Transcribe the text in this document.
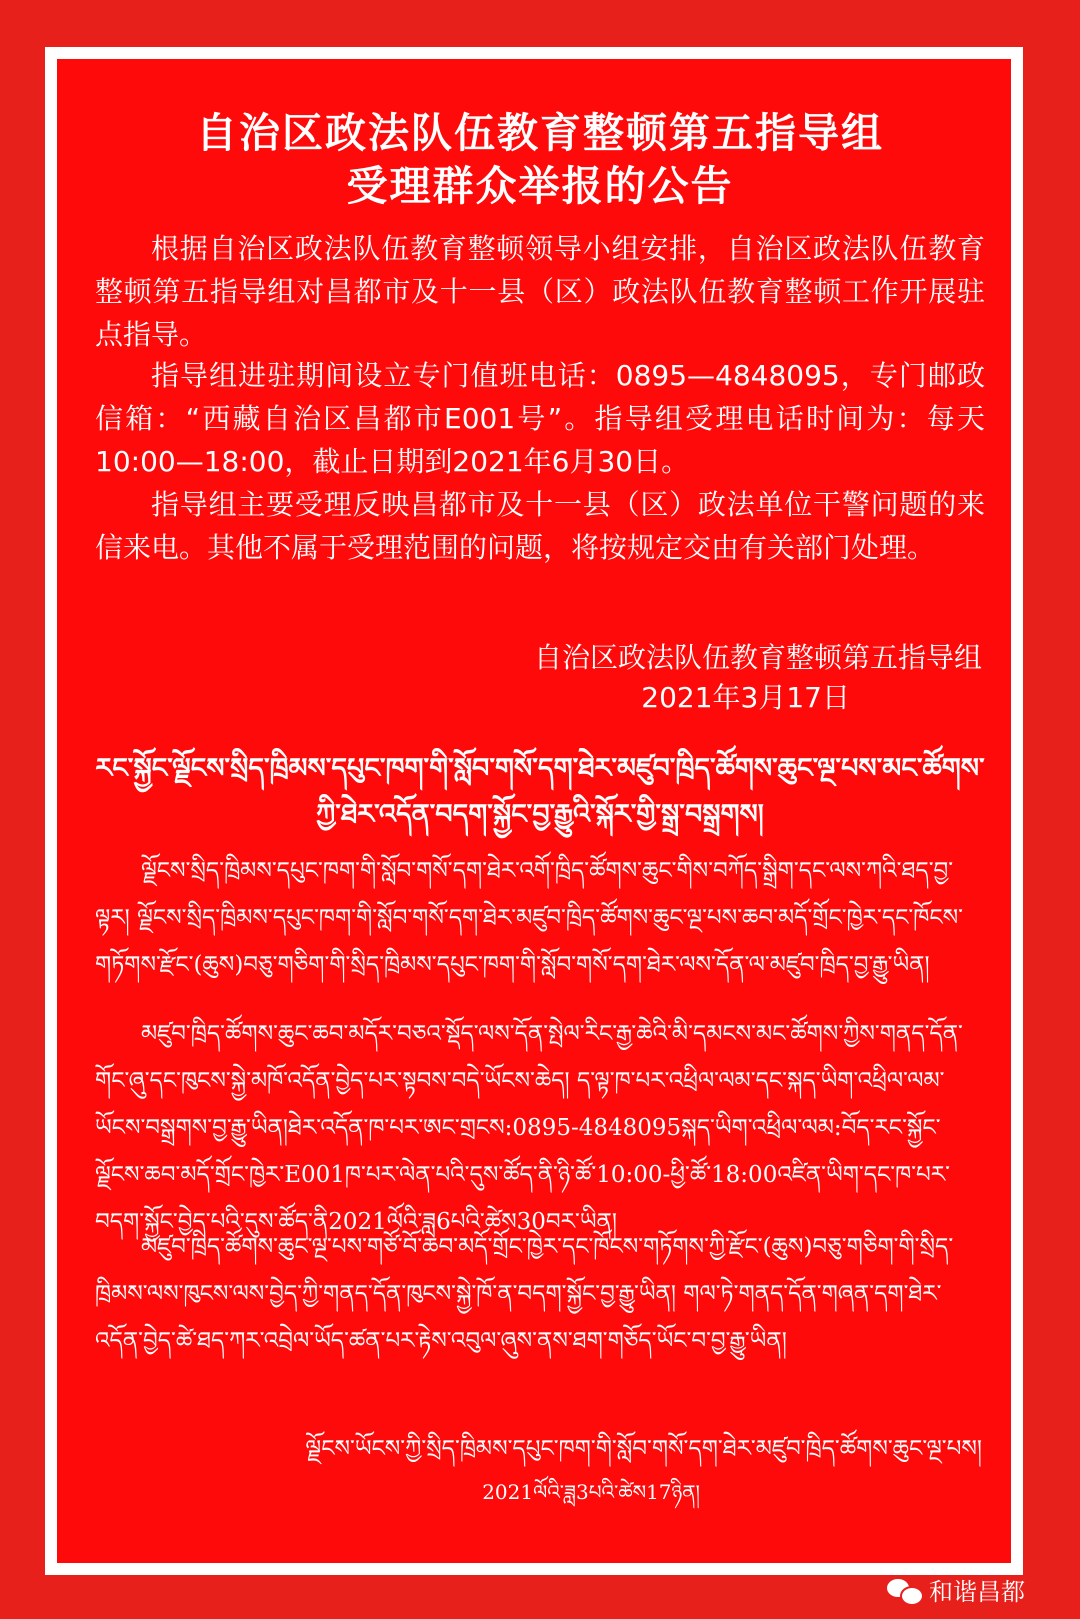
自治区政法队伍教育整顿第五指导组
受理群众举报的公告

根据自治区政法队伍教育整顿领导小组安排，自治区政法队伍教育整顿第五指导组对昌都市及十一县（区）政法队伍教育整顿工作开展驻点指导。

指导组进驻期间设立专门值班电话：0895—4848095，专门邮政信箱：“西藏自治区昌都市E001号”。指导组受理电话时间为：每天10:00—18:00，截止日期到2021年6月30日。

指导组主要受理反映昌都市及十一县（区）政法单位干警问题的来信来电。其他不属于受理范围的问题，将按规定交由有关部门处理。

自治区政法队伍教育整顿第五指导组

2021年3月17日

རང་སྐྱོང་ལྗོངས་སྲིད་ཁྲིམས་དཔུང་ཁག་གི་སློབ་གསོ་དག་ཐེར་མཛུབ་ཁྲིད་ཚོགས་ཆུང་ལྔ་པས་མང་ཚོགས་ཀྱི་ཐེར་འདོན་བདག་སྐྱོང་བྱ་རྒྱུའི་སྐོར་གྱི་སྒྲ་བསྒྲགས།

ལྗོངས་སྲིད་ཁྲིམས་དཔུང་ཁག་གི་སློབ་གསོ་དག་ཐེར་འགོ་ཁྲིད་ཚོགས་ཆུང་གིས་བཀོད་སྒྲིག་དང་ལས་ཀའི་ཐད་བྱ་ལྟར། ལྗོངས་སྲིད་ཁྲིམས་དཔུང་ཁག་གི་སློབ་གསོ་དག་ཐེར་མཛུབ་ཁྲིད་ཚོགས་ཆུང་ལྔ་པས་ཆབ་མདོ་གྲོང་ཁྱེར་དང་ཁོངས་གཏོགས་རྫོང་(ཆུས)བཅུ་གཅིག་གི་སྲིད་ཁྲིམས་དཔུང་ཁག་གི་སློབ་གསོ་དག་ཐེར་ལས་དོན་ལ་མཛུབ་ཁྲིད་བྱ་རྒྱུ་ཡིན།

མཛུབ་ཁྲིད་ཚོགས་ཆུང་ཆབ་མདོར་བཅའ་སྡོད་ལས་དོན་སྤེལ་རིང་རྒྱ་ཆེའི་མི་དམངས་མང་ཚོགས་ཀྱིས་གནད་དོན་གོང་ཞུ་དང་ཁུངས་སྐྱེ་མཁོ་འདོན་བྱེད་པར་སྟབས་བདེ་ཡོངས་ཆེད། ད་ལྟ་ཁ་པར་འཕྲིལ་ལམ་དང་སྐད་ཡིག་འཕྲིལ་ལམ་ཡོངས་བསྒྲགས་བྱ་རྒྱུ་ཡིན།ཐེར་འདོན་ཁ་པར་ཨང་གྲངས:0895-4848095སྐད་ཡིག་འཕྲིལ་ལམ:བོད་རང་སྐྱོང་ལྗོངས་ཆབ་མདོ་གྲོང་ཁྱེར་E001ཁ་པར་ལེན་པའི་དུས་ཚོད་ནི་ཉི་ཚོ་10:00-ཕྱི་ཚོ་18:00འཛིན་ཡིག་དང་ཁ་པར་བདག་སྐྱོང་བྱེད་པའི་དུས་ཚོད་ནི2021ལོའི་ཟླ6པའི་ཚེས30བར་ཡིན།

མཛུབ་ཁྲིད་ཚོགས་ཆུང་ལྔ་པས་གཙོ་བོ་ཆབ་མདོ་གྲོང་ཁྱེར་དང་ཁོངས་གཏོགས་ཀྱི་རྫོང་(ཆུས)བཅུ་གཅིག་གི་སྲིད་ཁྲིམས་ལས་ཁུངས་ལས་བྱེད་ཀྱི་གནད་དོན་ཁུངས་སྐྱེ་ཁོ་ན་བདག་སྐྱོང་བྱ་རྒྱུ་ཡིན། གལ་ཏེ་གནད་དོན་གཞན་དག་ཐེར་འདོན་བྱེད་ཚེ་ཐད་ཀར་འབྲེལ་ཡོད་ཚན་པར་རྟེས་འབུལ་ཞུས་ནས་ཐག་གཅོད་ཡོང་བ་བྱ་རྒྱུ་ཡིན།

ལྗོངས་ཡོངས་ཀྱི་སྲིད་ཁྲིམས་དཔུང་ཁག་གི་སློབ་གསོ་དག་ཐེར་མཛུབ་ཁྲིད་ཚོགས་ཆུང་ལྔ་པས།

2021ལོའི་ཟླ3པའི་ཚེས17ཉིན།

和谐昌都
